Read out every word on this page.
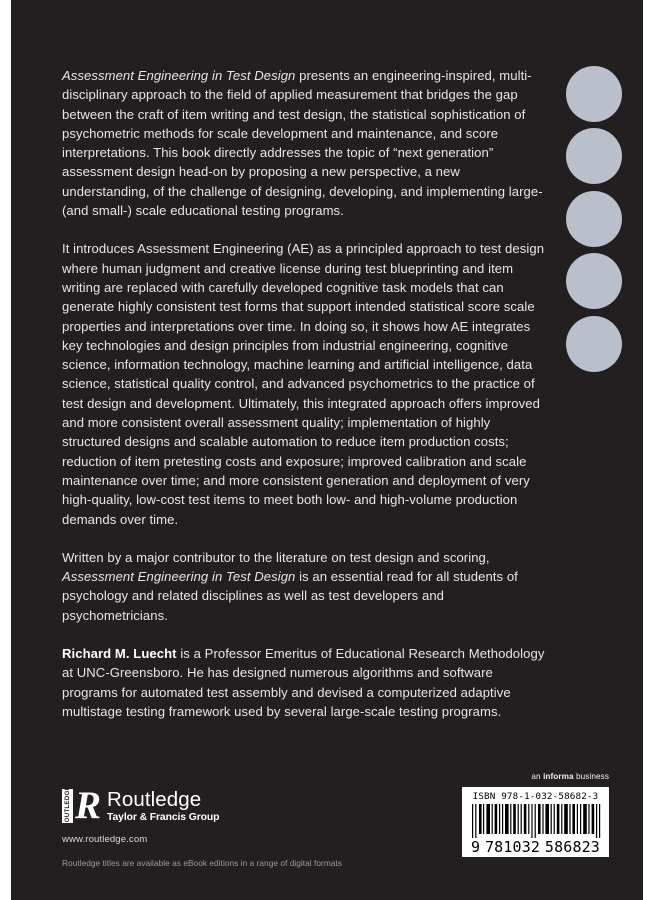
Assessment Engineering in Test Design presents an engineering-inspired, multi-disciplinary approach to the field of applied measurement that bridges the gap between the craft of item writing and test design, the statistical sophistication of psychometric methods for scale development and maintenance, and score interpretations. This book directly addresses the topic of “next generation” assessment design head-on by proposing a new perspective, a new understanding, of the challenge of designing, developing, and implementing large- (and small-) scale educational testing programs.

It introduces Assessment Engineering (AE) as a principled approach to test design where human judgment and creative license during test blueprinting and item writing are replaced with carefully developed cognitive task models that can generate highly consistent test forms that support intended statistical score scale properties and interpretations over time. In doing so, it shows how AE integrates key technologies and design principles from industrial engineering, cognitive science, information technology, machine learning and artificial intelligence, data science, statistical quality control, and advanced psychometrics to the practice of test design and development. Ultimately, this integrated approach offers improved and more consistent overall assessment quality; implementation of highly structured designs and scalable automation to reduce item production costs; reduction of item pretesting costs and exposure; improved calibration and scale maintenance over time; and more consistent generation and deployment of very high-quality, low-cost test items to meet both low- and high-volume production demands over time.

Written by a major contributor to the literature on test design and scoring, Assessment Engineering in Test Design is an essential read for all students of psychology and related disciplines as well as test developers and psychometricians.

Richard M. Luecht is a Professor Emeritus of Educational Research Methodology at UNC-Greensboro. He has designed numerous algorithms and software programs for automated test assembly and devised a computerized adaptive multistage testing framework used by several large-scale testing programs.

ROUTLEDGE R Routledge
Taylor & Francis Group
www.routledge.com
Routledge titles are available as eBook editions in a range of digital formats
an informa business
ISBN 978-1-032-58682-3
9 781032 586823
